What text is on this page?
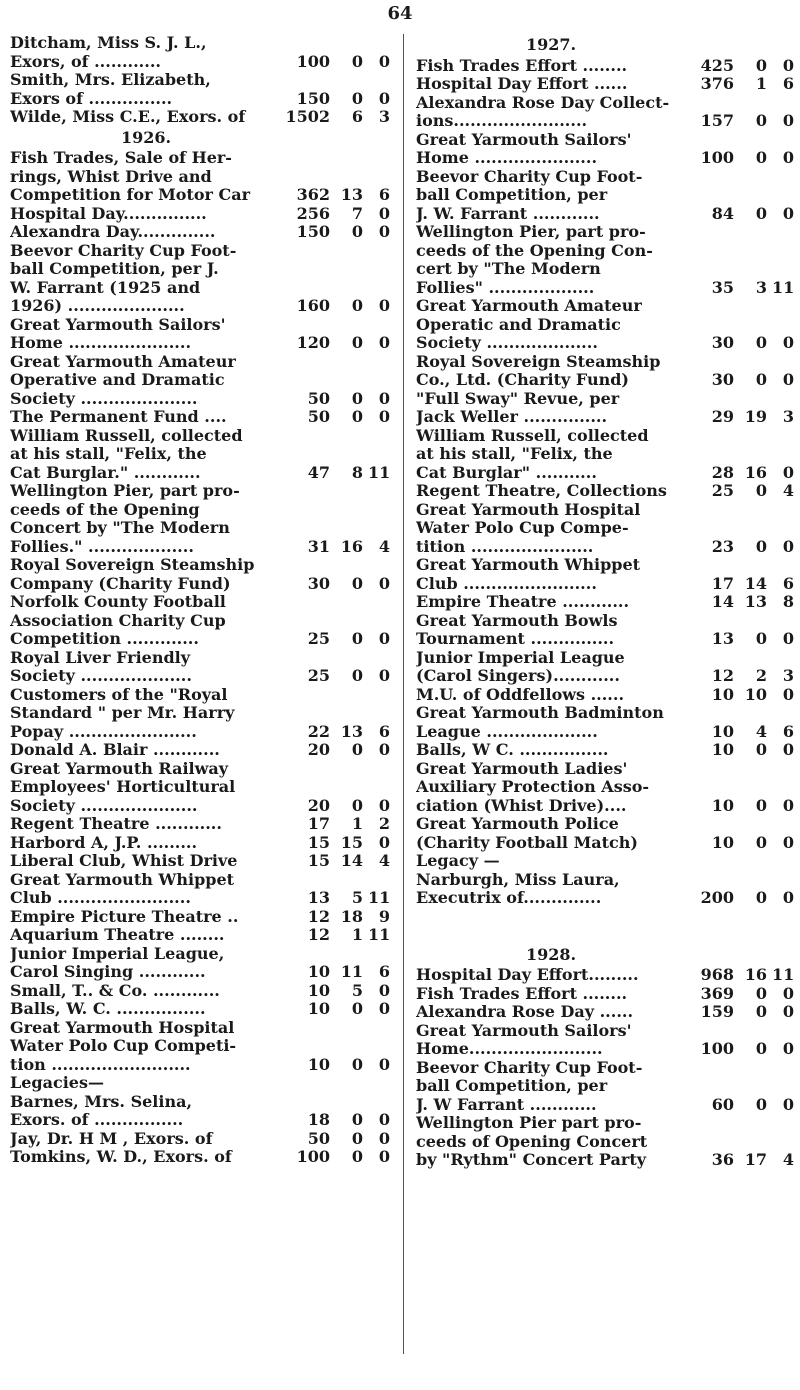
64
Ditcham, Miss S. J. L.,
Exors, of ............	100	0 0
Smith, Mrs. Elizabeth,
Exors of ...............	150	0 0
Wilde, Miss C.E., Exors. of	1502	6 3
1926.
Fish Trades, Sale of Her-
rings, Whist Drive and
Competition for Motor Car	362 13 6
Hospital Day...............	256	7 0
Alexandra Day..............	150	0 0
Beevor Charity Cup Foot-
ball Competition, per J.
W. Farrant (1925 and
1926) .....................	160	0 0
Great Yarmouth Sailors'
Home ......................	120	0 0
Great Yarmouth Amateur
Operative and Dramatic
Society .....................	50	0 0
The Permanent Fund ....	50	0 0
William Russell, collected
at his stall, "Felix, the
Cat Burglar." ............	47	8 11
Wellington Pier, part pro-
ceeds of the Opening
Concert by "The Modern
Follies." ...................	31 16 4
Royal Sovereign Steamship
Company (Charity Fund)	30	0 0
Norfolk County Football
Association Charity Cup
Competition .............	25	0 0
Royal Liver Friendly
Society ....................	25	0 0
Customers of the "Royal
Standard " per Mr. Harry
Popay .......................	22 13 6
Donald A. Blair ............	20	0 0
Great Yarmouth Railway
Employees' Horticultural
Society .....................	20	0 0
Regent Theatre ............	17	1 2
Harbord A, J.P. .........	15 15 0
Liberal Club, Whist Drive	15 14 4
Great Yarmouth Whippet
Club ........................	13	5 11
Empire Picture Theatre ..	12 18 9
Aquarium Theatre ........	12	1 11
Junior Imperial League,
Carol Singing ............	10 11 6
Small, T.. & Co. ............	10	5 0
Balls, W. C. ................	10	0 0
Great Yarmouth Hospital
Water Polo Cup Competi-
tion .........................	10	0 0
Legacies—
Barnes, Mrs. Selina,
Exors. of ................	18	0 0
Jay, Dr. H M , Exors. of	50	0 0
Tomkins, W. D., Exors. of	100	0 0
1927.
Fish Trades Effort ........	425	0 0
Hospital Day Effort ......	376	1 6
Alexandra Rose Day Collect-
ions........................	157	0 0
Great Yarmouth Sailors'
Home ......................	100	0 0
Beevor Charity Cup Foot-
ball Competition, per
J. W. Farrant ............	84	0 0
Wellington Pier, part pro-
ceeds of the Opening Con-
cert by "The Modern
Follies" ...................	35	3 11
Great Yarmouth Amateur
Operatic and Dramatic
Society ....................	30	0 0
Royal Sovereign Steamship
Co., Ltd. (Charity Fund)	30	0 0
"Full Sway" Revue, per
Jack Weller ...............	29 19 3
William Russell, collected
at his stall, "Felix, the
Cat Burglar" ...........	28 16 0
Regent Theatre, Collections	25	0 4
Great Yarmouth Hospital
Water Polo Cup Compe-
tition ......................	23	0 0
Great Yarmouth Whippet
Club ........................	17 14 6
Empire Theatre ............	14 13 8
Great Yarmouth Bowls
Tournament ...............	13	0 0
Junior Imperial League
(Carol Singers)............	12	2 3
M.U. of Oddfellows ......	10 10 0
Great Yarmouth Badminton
League ....................	10	4 6
Balls, W C. ................	10	0 0
Great Yarmouth Ladies'
Auxiliary Protection Asso-
ciation (Whist Drive)....	10	0 0
Great Yarmouth Police
(Charity Football Match)	10	0 0
Legacy —
Narburgh, Miss Laura,
Executrix of..............	200	0 0
1928.
Hospital Day Effort.........	968 16 11
Fish Trades Effort ........	369	0 0
Alexandra Rose Day ......	159	0 0
Great Yarmouth Sailors'
Home........................	100	0 0
Beevor Charity Cup Foot-
ball Competition, per
J. W Farrant ............	60	0 0
Wellington Pier part pro-
ceeds of Opening Concert
by "Rythm" Concert Party	36 17 4
